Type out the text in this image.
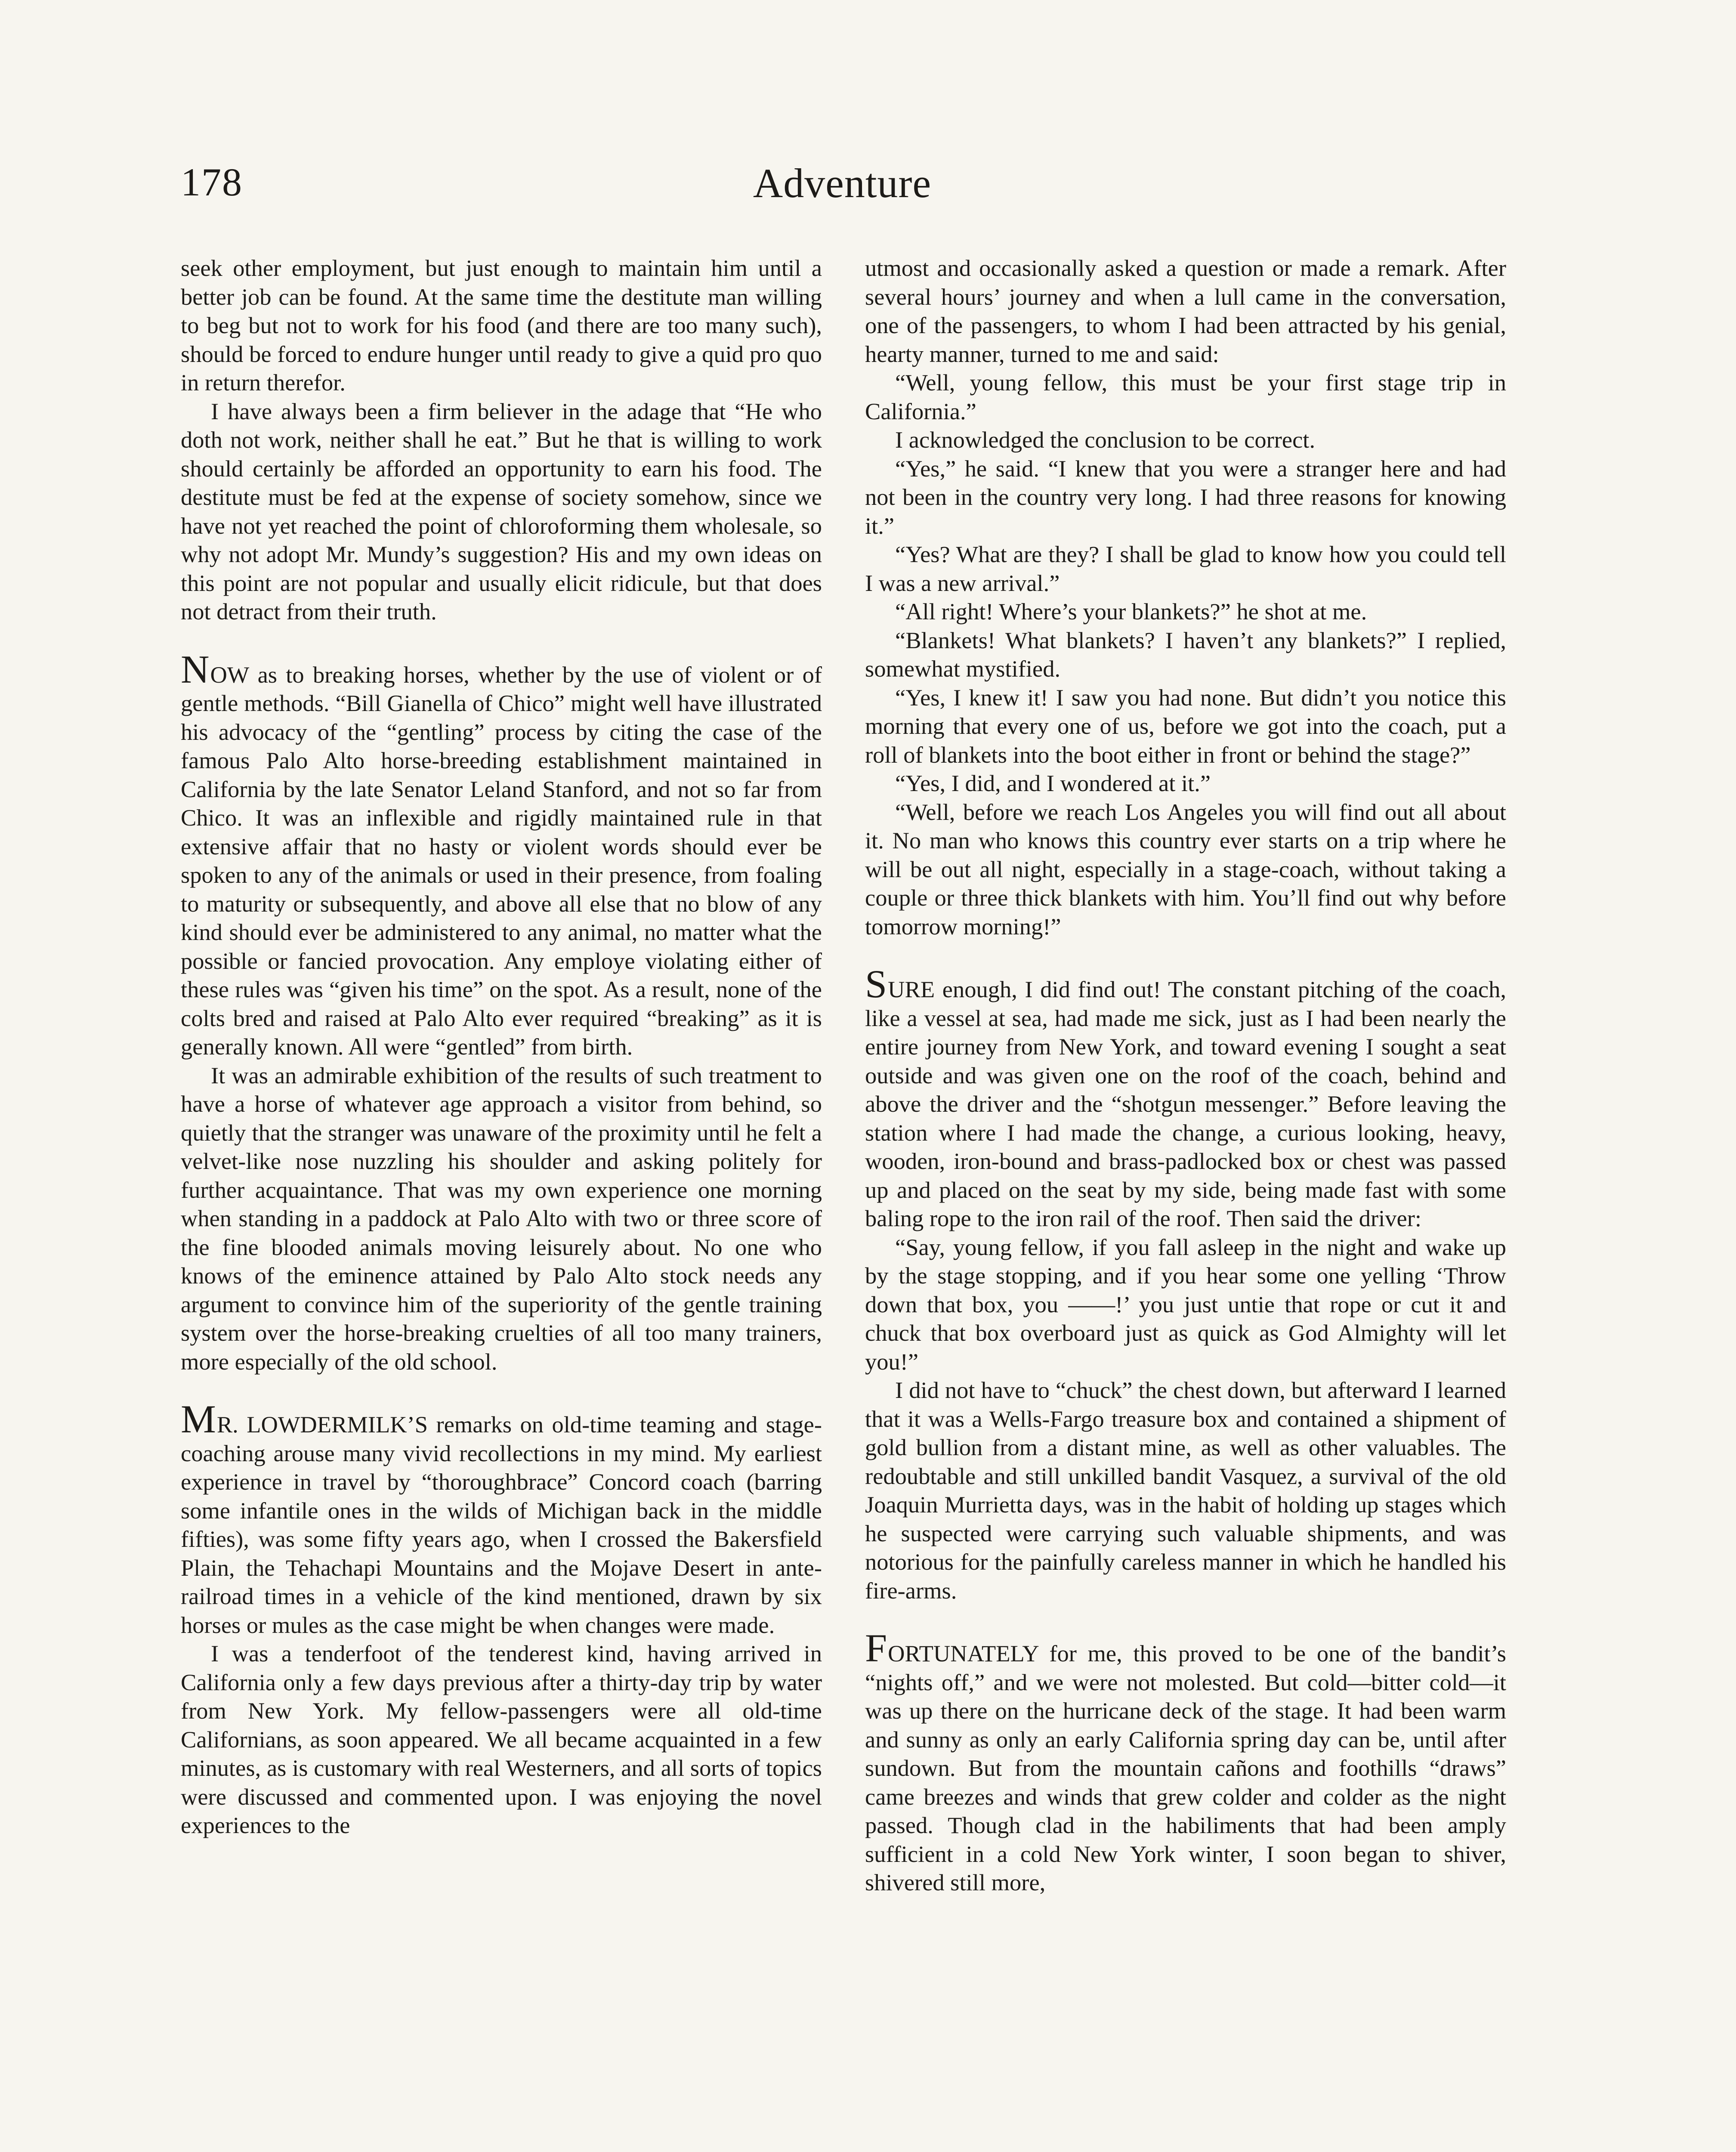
178	Adventure

seek other employment, but just enough to maintain him until a better job can be found. At the same time the destitute man willing to beg but not to work for his food (and there are too many such), should be forced to endure hunger until ready to give a quid pro quo in return therefor.

I have always been a firm believer in the adage that “He who doth not work, neither shall he eat.” But he that is willing to work should certainly be afforded an opportunity to earn his food. The destitute must be fed at the expense of society somehow, since we have not yet reached the point of chloroforming them wholesale, so why not adopt Mr. Mundy’s suggestion? His and my own ideas on this point are not popular and usually elicit ridicule, but that does not detract from their truth.

NOW as to breaking horses, whether by the use of violent or of gentle methods. “Bill Gianella of Chico” might well have illustrated his advocacy of the “gentling” process by citing the case of the famous Palo Alto horse-breeding establishment maintained in California by the late Senator Leland Stanford, and not so far from Chico. It was an inflexible and rigidly maintained rule in that extensive affair that no hasty or violent words should ever be spoken to any of the animals or used in their presence, from foaling to maturity or subsequently, and above all else that no blow of any kind should ever be administered to any animal, no matter what the possible or fancied provocation. Any employe violating either of these rules was “given his time” on the spot. As a result, none of the colts bred and raised at Palo Alto ever required “breaking” as it is generally known. All were “gentled” from birth.

It was an admirable exhibition of the results of such treatment to have a horse of whatever age approach a visitor from behind, so quietly that the stranger was unaware of the proximity until he felt a velvet-like nose nuzzling his shoulder and asking politely for further acquaintance. That was my own experience one morning when standing in a paddock at Palo Alto with two or three score of the fine blooded animals moving leisurely about. No one who knows of the eminence attained by Palo Alto stock needs any argument to convince him of the superiority of the gentle training system over the horse-breaking cruelties of all too many trainers, more especially of the old school.

MR. LOWDERMILK’S remarks on old-time teaming and stage-coaching arouse many vivid recollections in my mind. My earliest experience in travel by “thoroughbrace” Concord coach (barring some infantile ones in the wilds of Michigan back in the middle fifties), was some fifty years ago, when I crossed the Bakersfield Plain, the Tehachapi Mountains and the Mojave Desert in ante-railroad times in a vehicle of the kind mentioned, drawn by six horses or mules as the case might be when changes were made.

I was a tenderfoot of the tenderest kind, having arrived in California only a few days previous after a thirty-day trip by water from New York. My fellow-passengers were all old-time Californians, as soon appeared. We all became acquainted in a few minutes, as is customary with real Westerners, and all sorts of topics were discussed and commented upon. I was enjoying the novel experiences to the

utmost and occasionally asked a question or made a remark. After several hours’ journey and when a lull came in the conversation, one of the passengers, to whom I had been attracted by his genial, hearty manner, turned to me and said:

“Well, young fellow, this must be your first stage trip in California.”

I acknowledged the conclusion to be correct.

“Yes,” he said. “I knew that you were a stranger here and had not been in the country very long. I had three reasons for knowing it.”

“Yes? What are they? I shall be glad to know how you could tell I was a new arrival.”

“All right! Where’s your blankets?” he shot at me.

“Blankets! What blankets? I haven’t any blankets?” I replied, somewhat mystified.

“Yes, I knew it! I saw you had none. But didn’t you notice this morning that every one of us, before we got into the coach, put a roll of blankets into the boot either in front or behind the stage?”

“Yes, I did, and I wondered at it.”

“Well, before we reach Los Angeles you will find out all about it. No man who knows this country ever starts on a trip where he will be out all night, especially in a stage-coach, without taking a couple or three thick blankets with him. You’ll find out why before tomorrow morning!”

SURE enough, I did find out! The constant pitching of the coach, like a vessel at sea, had made me sick, just as I had been nearly the entire journey from New York, and toward evening I sought a seat outside and was given one on the roof of the coach, behind and above the driver and the “shotgun messenger.” Before leaving the station where I had made the change, a curious looking, heavy, wooden, iron-bound and brass-padlocked box or chest was passed up and placed on the seat by my side, being made fast with some baling rope to the iron rail of the roof. Then said the driver:

“Say, young fellow, if you fall asleep in the night and wake up by the stage stopping, and if you hear some one yelling ‘Throw down that box, you ——!’ you just untie that rope or cut it and chuck that box overboard just as quick as God Almighty will let you!”

I did not have to “chuck” the chest down, but afterward I learned that it was a Wells-Fargo treasure box and contained a shipment of gold bullion from a distant mine, as well as other valuables. The redoubtable and still unkilled bandit Vasquez, a survival of the old Joaquin Murrietta days, was in the habit of holding up stages which he suspected were carrying such valuable shipments, and was notorious for the painfully careless manner in which he handled his fire-arms.

FORTUNATELY for me, this proved to be one of the bandit’s “nights off,” and we were not molested. But cold—bitter cold—it was up there on the hurricane deck of the stage. It had been warm and sunny as only an early California spring day can be, until after sundown. But from the mountain cañons and foothills “draws” came breezes and winds that grew colder and colder as the night passed. Though clad in the habiliments that had been amply sufficient in a cold New York winter, I soon began to shiver, shivered still more,
